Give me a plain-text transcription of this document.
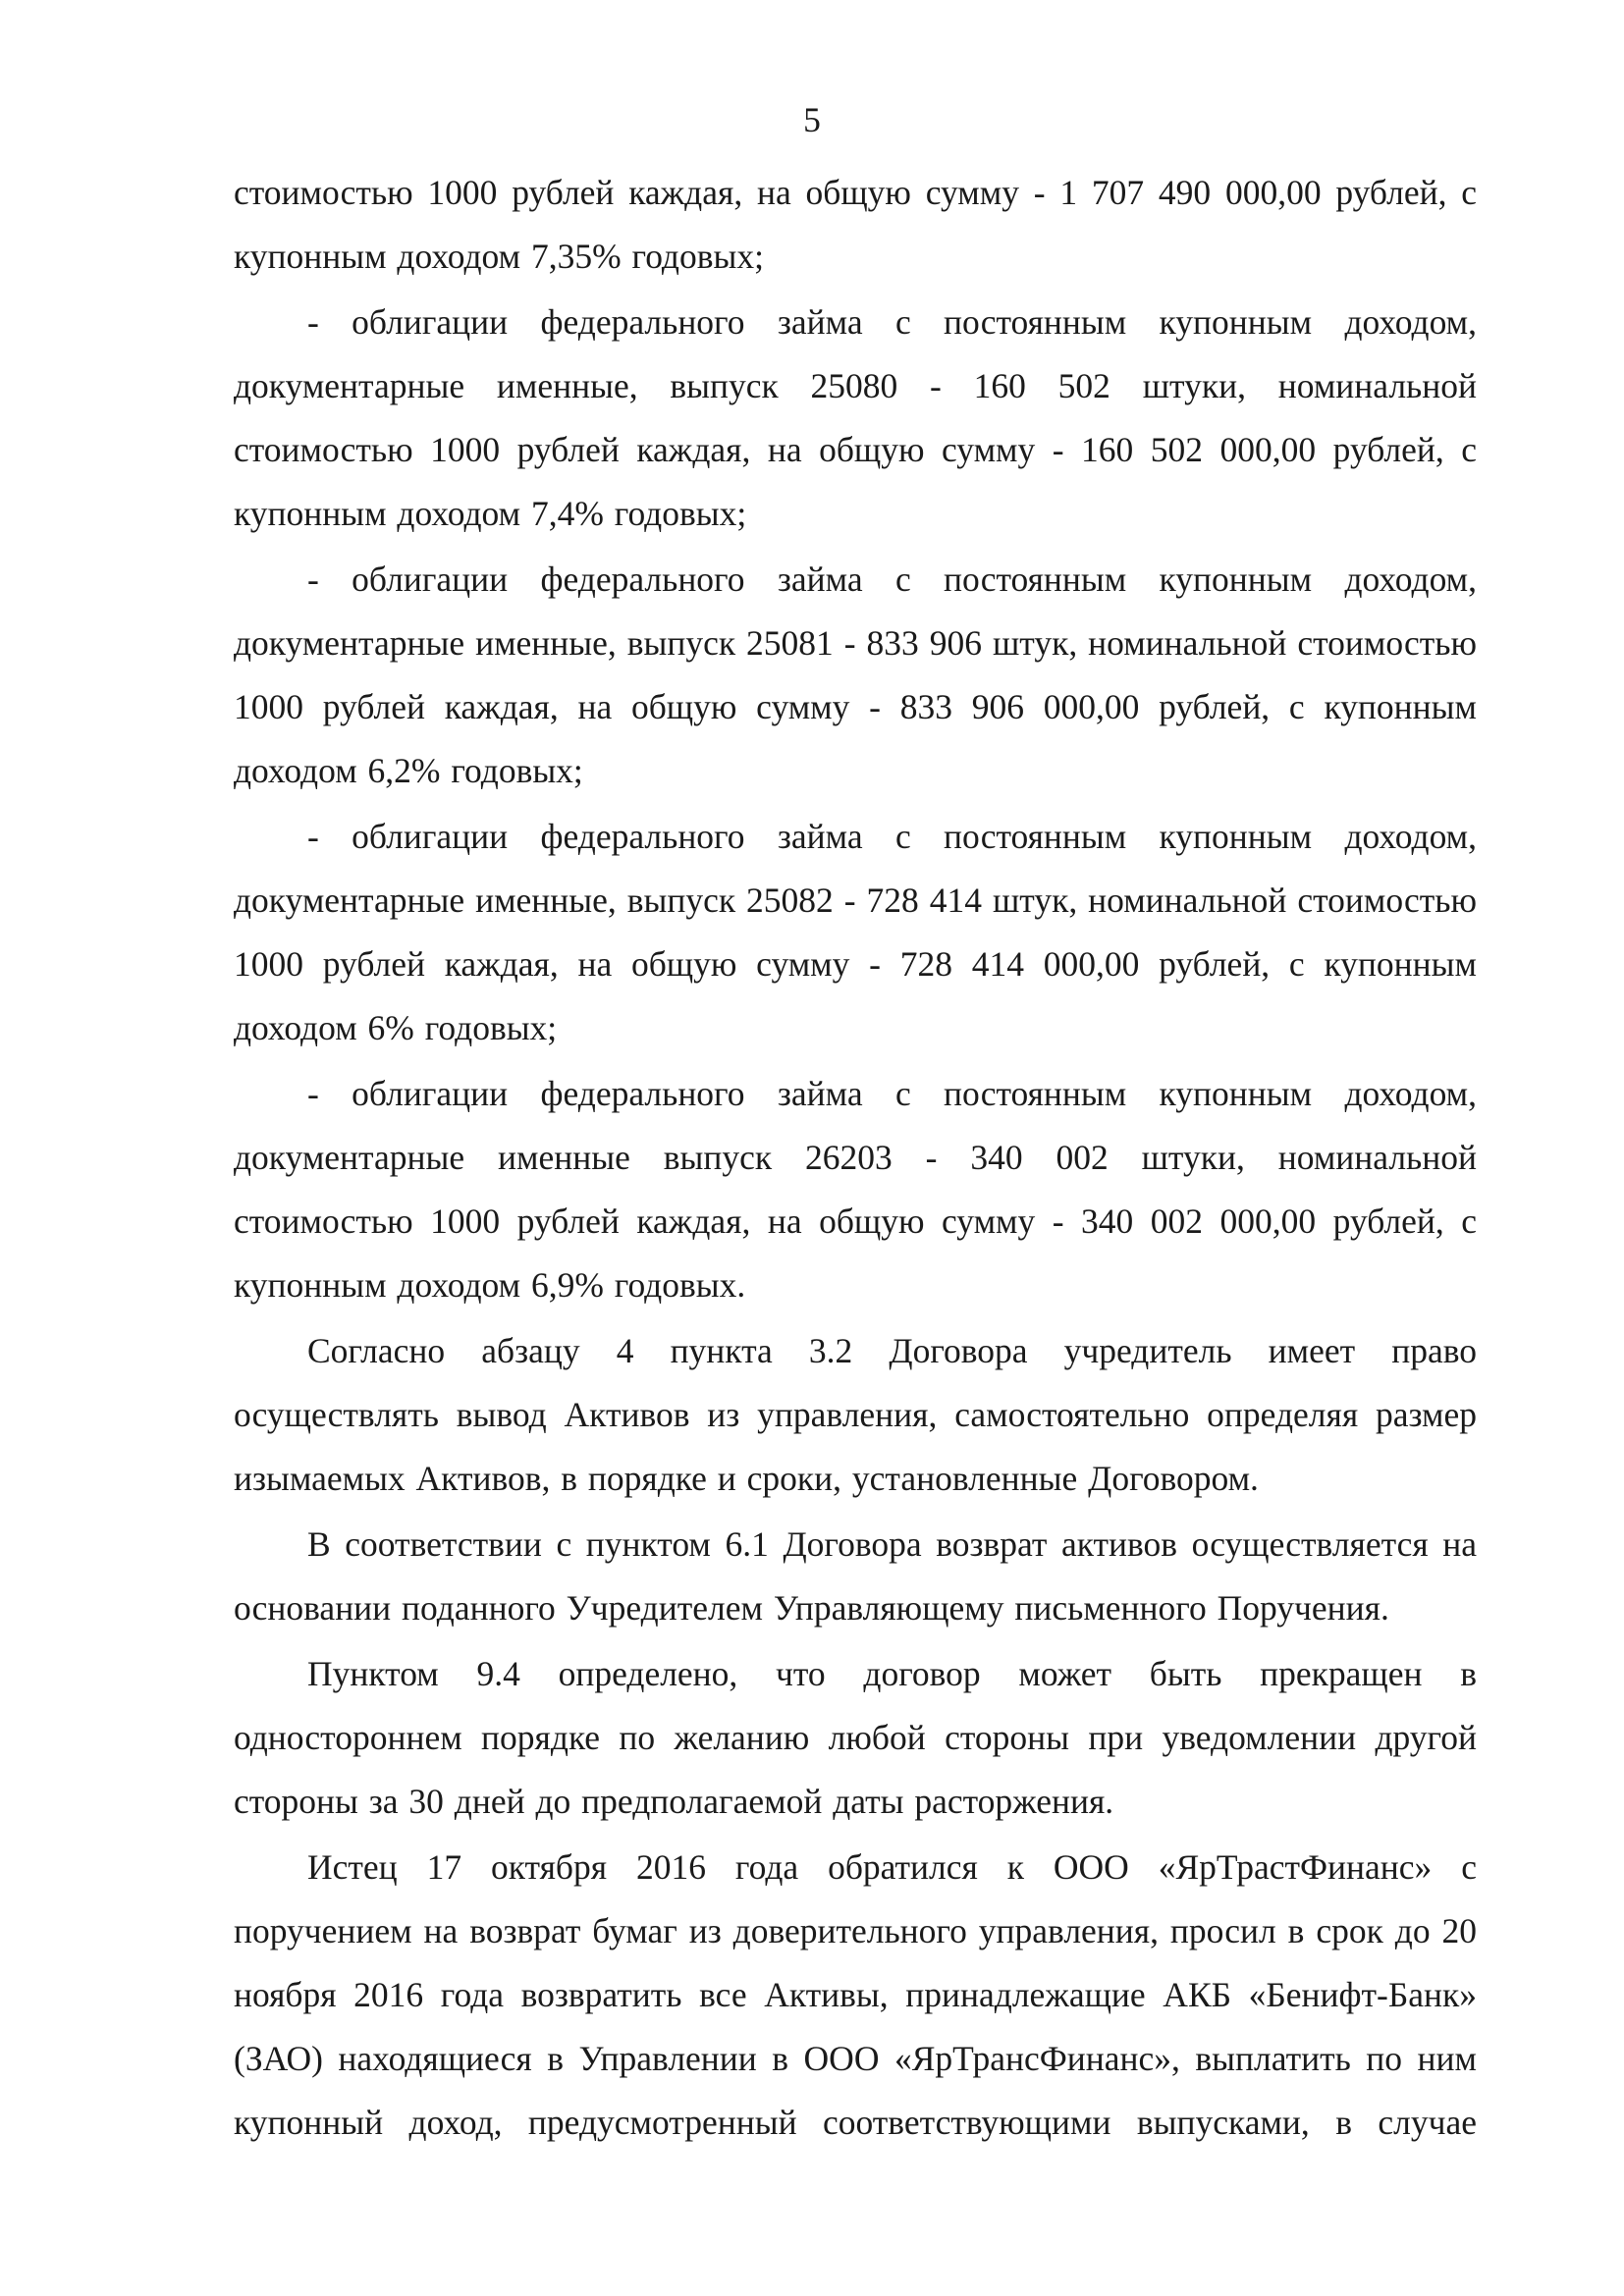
5

стоимостью 1000 рублей каждая, на общую сумму - 1 707 490 000,00 рублей, с купонным доходом 7,35% годовых;

- облигации федерального займа с постоянным купонным доходом, документарные именные, выпуск 25080 - 160 502 штуки, номинальной стоимостью 1000 рублей каждая, на общую сумму - 160 502 000,00 рублей, с купонным доходом 7,4% годовых;

- облигации федерального займа с постоянным купонным доходом, документарные именные, выпуск 25081 - 833 906 штук, номинальной стоимостью 1000 рублей каждая, на общую сумму - 833 906 000,00 рублей, с купонным доходом 6,2% годовых;

- облигации федерального займа с постоянным купонным доходом, документарные именные, выпуск 25082 - 728 414 штук, номинальной стоимостью 1000 рублей каждая, на общую сумму - 728 414 000,00 рублей, с купонным доходом 6% годовых;

- облигации федерального займа с постоянным купонным доходом, документарные именные выпуск 26203 - 340 002 штуки, номинальной стоимостью 1000 рублей каждая, на общую сумму - 340 002 000,00 рублей, с купонным доходом 6,9% годовых.

Согласно абзацу 4 пункта 3.2 Договора учредитель имеет право осуществлять вывод Активов из управления, самостоятельно определяя размер изымаемых Активов, в порядке и сроки, установленные Договором.

В соответствии с пунктом 6.1 Договора возврат активов осуществляется на основании поданного Учредителем Управляющему письменного Поручения.

Пунктом 9.4 определено, что договор может быть прекращен в одностороннем порядке по желанию любой стороны при уведомлении другой стороны за 30 дней до предполагаемой даты расторжения.

Истец 17 октября 2016 года обратился к ООО «ЯрТрастФинанс» с поручением на возврат бумаг из доверительного управления, просил в срок до 20 ноября 2016 года возвратить все Активы, принадлежащие АКБ «Бенифт-Банк» (ЗАО) находящиеся в Управлении в ООО «ЯрТрансФинанс», выплатить по ним купонный доход, предусмотренный соответствующими выпусками, в случае
